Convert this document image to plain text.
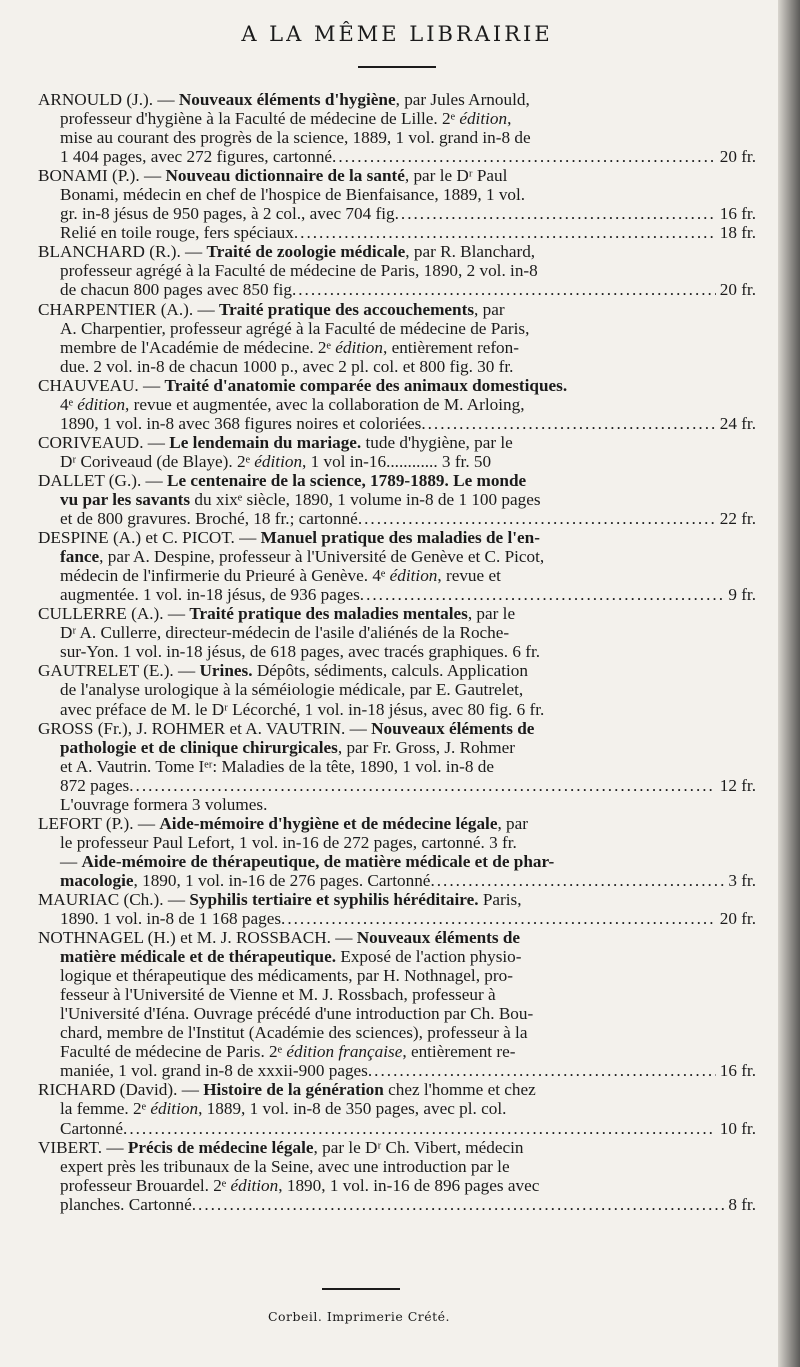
A LA MÊME LIBRAIRIE
ARNOULD (J.). — Nouveaux éléments d'hygiène, par Jules Arnould,
professeur d'hygiène à la Faculté de médecine de Lille. 2ᵉ édition,
mise au courant des progrès de la science, 1889, 1 vol. grand in-8 de
1 404 pages, avec 272 figures, cartonné .....	20 fr.
BONAMI (P.). — Nouveau dictionnaire de la santé, par le Dʳ Paul
Bonami, médecin en chef de l'hospice de Bienfaisance, 1889, 1 vol.
gr. in-8 jésus de 950 pages, à 2 col., avec 704 fig .....	16 fr.
Relié en toile rouge, fers spéciaux .....	18 fr.
BLANCHARD (R.). — Traité de zoologie médicale, par R. Blanchard,
professeur agrégé à la Faculté de médecine de Paris, 1890, 2 vol. in-8
de chacun 800 pages avec 850 fig .....	20 fr.
CHARPENTIER (A.). — Traité pratique des accouchements, par
A. Charpentier, professeur agrégé à la Faculté de médecine de Paris,
membre de l'Académie de médecine. 2ᵉ édition, entièrement refon-
due. 2 vol. in-8 de chacun 1000 p., avec 2 pl. col. et 800 fig. 30 fr.
CHAUVEAU. — Traité d'anatomie comparée des animaux domestiques.
4ᵉ édition, revue et augmentée, avec la collaboration de M. Arloing,
1890, 1 vol. in-8 avec 368 figures noires et coloriées .....	24 fr.
CORIVEAUD. — Le lendemain du mariage. tude d'hygiène, par le
Dʳ Coriveaud (de Blaye). 2ᵉ édition, 1 vol in-16............ 3 fr. 50
DALLET (G.). — Le centenaire de la science, 1789-1889. Le monde
vu par les savants du xixᵉ siècle, 1890, 1 volume in-8 de 1 100 pages
et de 800 gravures. Broché, 18 fr.; cartonné .....	22 fr.
DESPINE (A.) et C. PICOT. — Manuel pratique des maladies de l'en-
fance, par A. Despine, professeur à l'Université de Genève et C. Picot,
médecin de l'infirmerie du Prieuré à Genève. 4ᵉ édition, revue et
augmentée. 1 vol. in-18 jésus, de 936 pages .....	9 fr.
CULLERRE (A.). — Traité pratique des maladies mentales, par le
Dʳ A. Cullerre, directeur-médecin de l'asile d'aliénés de la Roche-
sur-Yon. 1 vol. in-18 jésus, de 618 pages, avec tracés graphiques. 6 fr.
GAUTRELET (E.). — Urines. Dépôts, sédiments, calculs. Application
de l'analyse urologique à la séméiologie médicale, par E. Gautrelet,
avec préface de M. le Dʳ Lécorché, 1 vol. in-18 jésus, avec 80 fig. 6 fr.
GROSS (Fr.), J. ROHMER et A. VAUTRIN. — Nouveaux éléments de
pathologie et de clinique chirurgicales, par Fr. Gross, J. Rohmer
et A. Vautrin. Tome Iᵉʳ: Maladies de la tête, 1890, 1 vol. in-8 de
872 pages .....	12 fr.
L'ouvrage formera 3 volumes.
LEFORT (P.). — Aide-mémoire d'hygiène et de médecine légale, par
le professeur Paul Lefort, 1 vol. in-16 de 272 pages, cartonné. 3 fr.
— Aide-mémoire de thérapeutique, de matière médicale et de phar-
macologie, 1890, 1 vol. in-16 de 276 pages. Cartonné .....	3 fr.
MAURIAC (Ch.). — Syphilis tertiaire et syphilis héréditaire. Paris,
1890. 1 vol. in-8 de 1 168 pages .....	20 fr.
NOTHNAGEL (H.) et M. J. ROSSBACH. — Nouveaux éléments de
matière médicale et de thérapeutique. Exposé de l'action physio-
logique et thérapeutique des médicaments, par H. Nothnagel, pro-
fesseur à l'Université de Vienne et M. J. Rossbach, professeur à
l'Université d'Iéna. Ouvrage précédé d'une introduction par Ch. Bou-
chard, membre de l'Institut (Académie des sciences), professeur à la
Faculté de médecine de Paris. 2ᵉ édition française, entièrement re-
maniée, 1 vol. grand in-8 de xxxii-900 pages .....	16 fr.
RICHARD (David). — Histoire de la génération chez l'homme et chez
la femme. 2ᵉ édition, 1889, 1 vol. in-8 de 350 pages, avec pl. col.
Cartonné .....	10 fr.
VIBERT. — Précis de médecine légale, par le Dʳ Ch. Vibert, médecin
expert près les tribunaux de la Seine, avec une introduction par le
professeur Brouardel. 2ᵉ édition, 1890, 1 vol. in-16 de 896 pages avec
planches. Cartonné .....	8 fr.
Corbeil. Imprimerie Crété.
